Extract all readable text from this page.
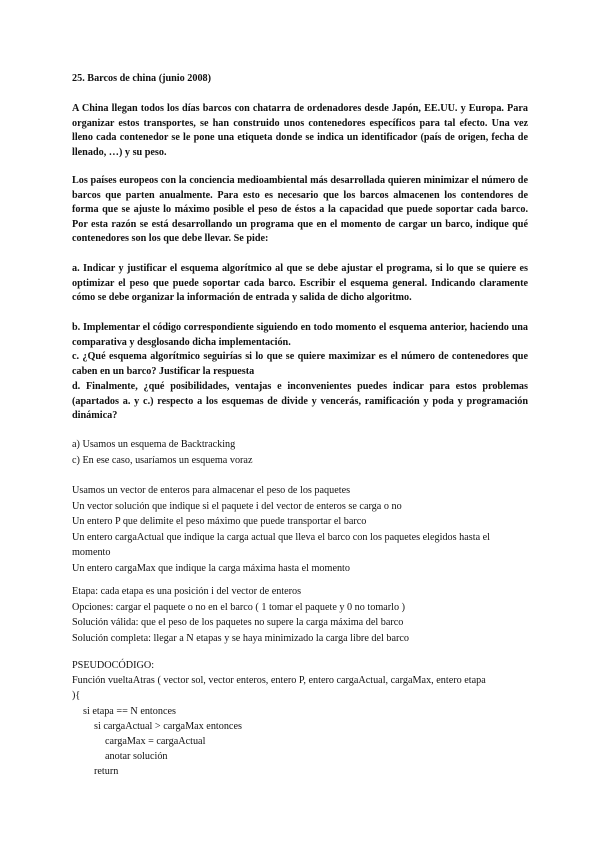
25. Barcos de china (junio 2008)

A China llegan todos los días barcos con chatarra de ordenadores desde Japón, EE.UU. y Europa. Para organizar estos transportes, se han construido unos contenedores específicos para tal efecto. Una vez lleno cada contenedor se le pone una etiqueta donde se indica un identificador (país de origen, fecha de llenado, …) y su peso.

Los países europeos con la conciencia medioambiental más desarrollada quieren minimizar el número de barcos que parten anualmente. Para esto es necesario que los barcos almacenen los contendores de forma que se ajuste lo máximo posible el peso de éstos a la capacidad que puede soportar cada barco. Por esta razón se está desarrollando un programa que en el momento de cargar un barco, indique qué contenedores son los que debe llevar. Se pide:

a. Indicar y justificar el esquema algorítmico al que se debe ajustar el programa, si lo que se quiere es optimizar el peso que puede soportar cada barco. Escribir el esquema general. Indicando claramente cómo se debe organizar la información de entrada y salida de dicho algoritmo.

b. Implementar el código correspondiente siguiendo en todo momento el esquema anterior, haciendo una comparativa y desglosando dicha implementación.

c. ¿Qué esquema algorítmico seguirías si lo que se quiere maximizar es el número de contenedores que caben en un barco? Justificar la respuesta

d. Finalmente, ¿qué posibilidades, ventajas e inconvenientes puedes indicar para estos problemas (apartados a. y c.) respecto a los esquemas de divide y vencerás, ramificación y poda y programación dinámica?

a) Usamos un esquema de Backtracking
c) En ese caso, usaríamos un esquema voraz
Usamos un vector de enteros para almacenar el peso de los paquetes
Un vector solución que indique si el paquete i del vector de enteros se carga o no
Un entero P que delimite el peso máximo que puede transportar el barco
Un entero cargaActual que indique la carga actual que lleva el barco con los paquetes elegidos hasta el momento
Un entero cargaMax que indique la carga máxima hasta el momento
Etapa: cada etapa es una posición i del vector de enteros
Opciones: cargar el paquete o no en el barco ( 1 tomar el paquete y 0 no tomarlo )
Solución válida: que el peso de los paquetes no supere la carga máxima del barco
Solución completa: llegar a N etapas y se haya minimizado la carga libre del barco
PSEUDOCÓDIGO:
Función vueltaAtras ( vector sol, vector enteros, entero P, entero cargaActual, cargaMax, entero etapa
){
si etapa == N entonces
si cargaActual > cargaMax entonces
cargaMax = cargaActual
anotar solución
return
